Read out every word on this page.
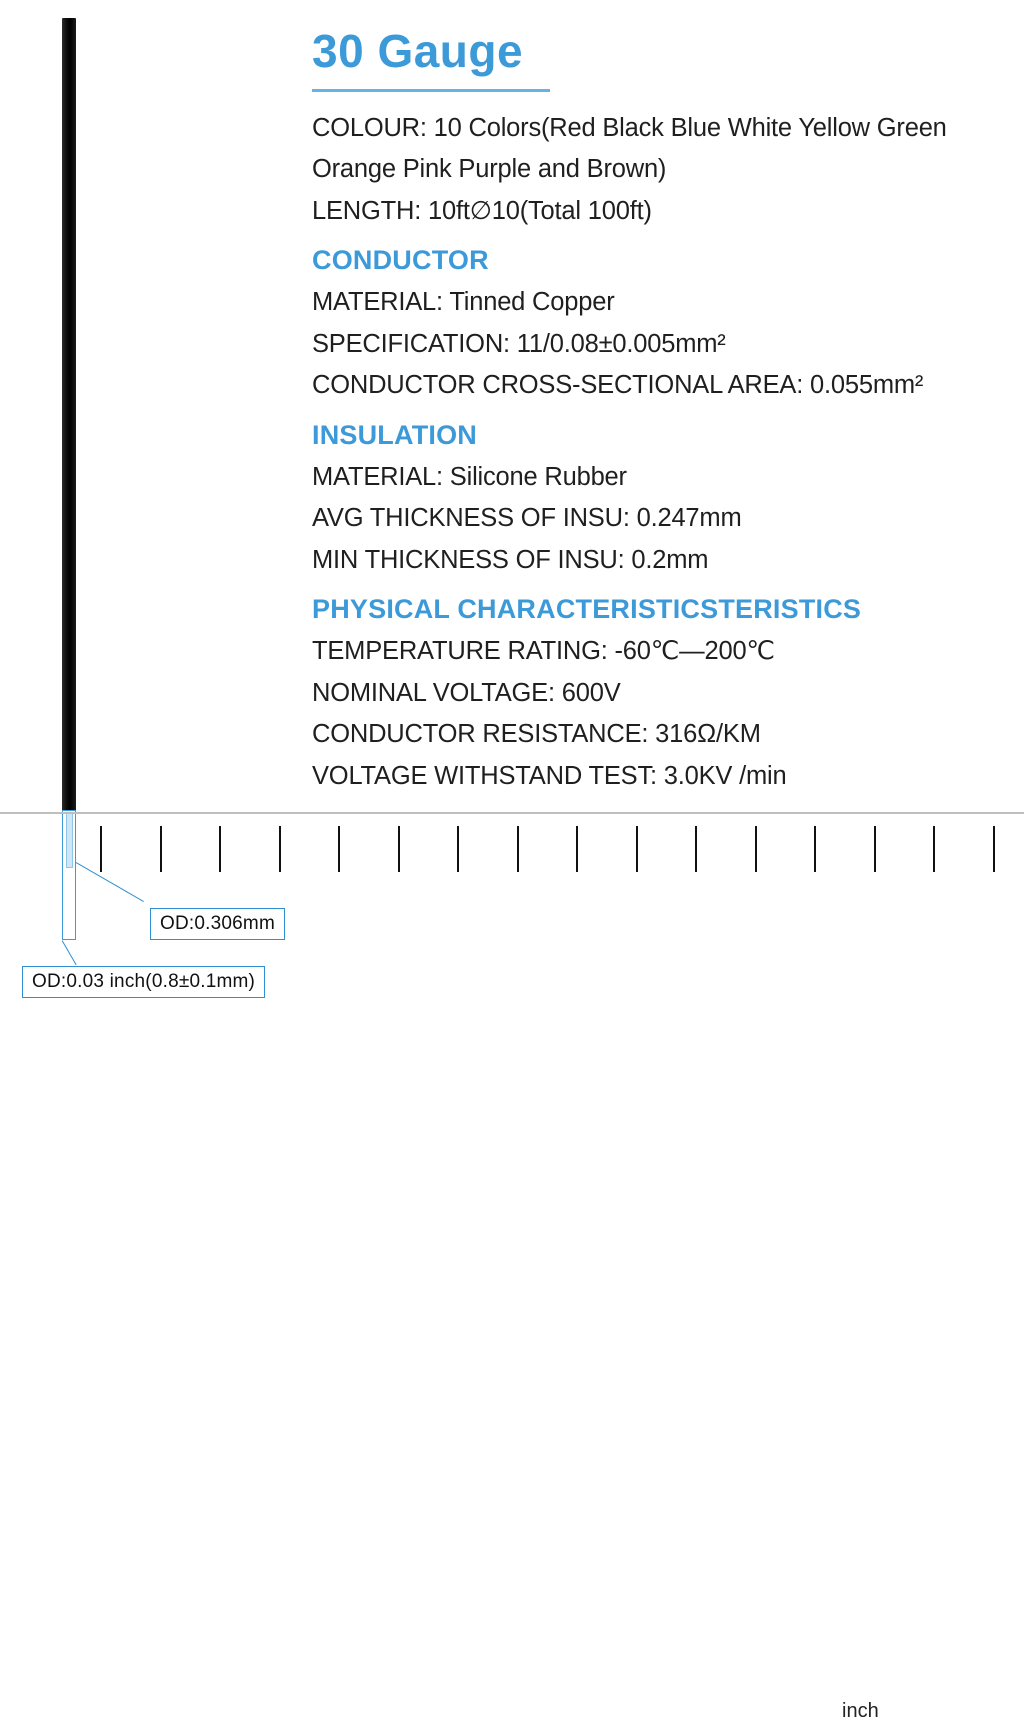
OD:0.306mm
OD:0.03 inch(0.8±0.1mm)
inch
30 Gauge
COLOUR: 10 Colors(Red Black Blue White Yellow Green Orange Pink Purple and Brown)
LENGTH: 10ft∅10(Total 100ft)
CONDUCTOR
MATERIAL: Tinned Copper
SPECIFICATION: 11/0.08±0.005mm²
CONDUCTOR CROSS-SECTIONAL AREA: 0.055mm²
INSULATION
MATERIAL: Silicone Rubber
AVG THICKNESS OF INSU: 0.247mm
MIN THICKNESS OF INSU: 0.2mm
PHYSICAL CHARACTERISTICSTERISTICS
TEMPERATURE RATING: -60℃—200℃
NOMINAL VOLTAGE: 600V
CONDUCTOR RESISTANCE: 316Ω/KM
VOLTAGE WITHSTAND TEST: 3.0KV /min
